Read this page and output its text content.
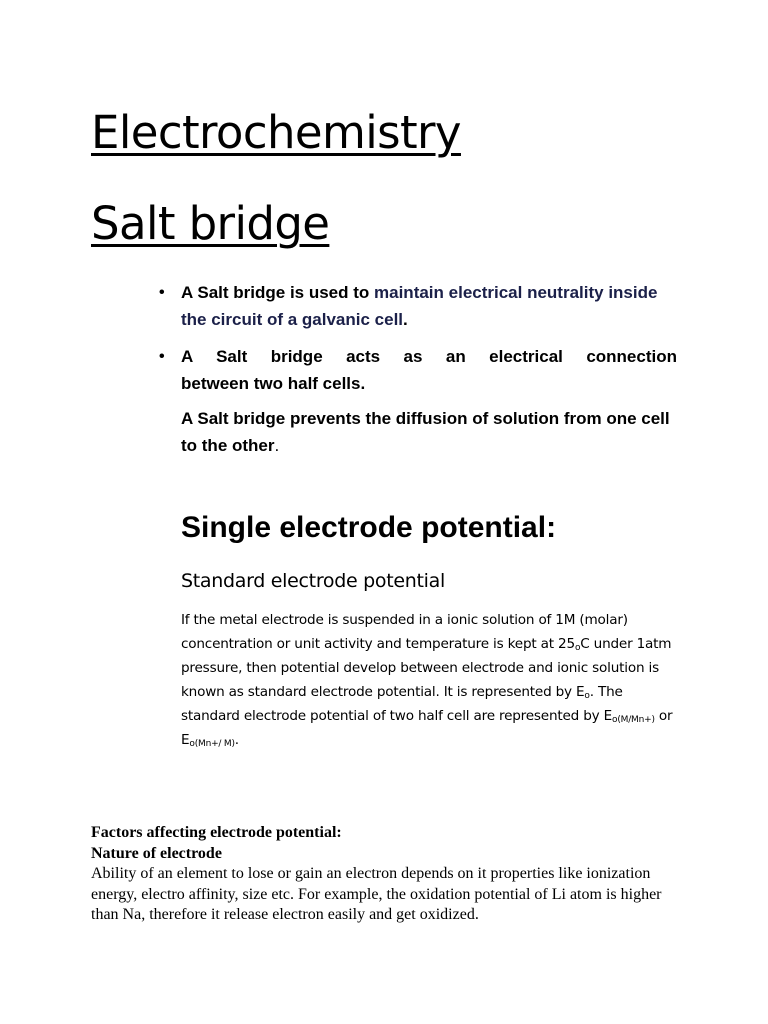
Electrochemistry
Salt bridge
• A Salt bridge is used to maintain electrical neutrality inside the circuit of a galvanic cell.
• A Salt bridge acts as an electrical connection
between two half cells.

A Salt bridge prevents the diffusion of solution from one cell to the other.

Single electrode potential:
Standard electrode potential

If the metal electrode is suspended in a ionic solution of 1M (molar) concentration or unit activity and temperature is kept at $25_oC$ under 1atm pressure, then potential develop between electrode and ionic solution is known as standard electrode potential. It is represented by $E_o$. The standard electrode potential of two half cell are represented by $E_{o(M/Mn+)}$ or $E_{o(Mn+/ M)}$.

Factors affecting electrode potential:
Nature of electrode
Ability of an element to lose or gain an electron depends on it properties like ionization energy, electro affinity, size etc. For example, the oxidation potential of Li atom is higher than Na, therefore it release electron easily and get oxidized.
